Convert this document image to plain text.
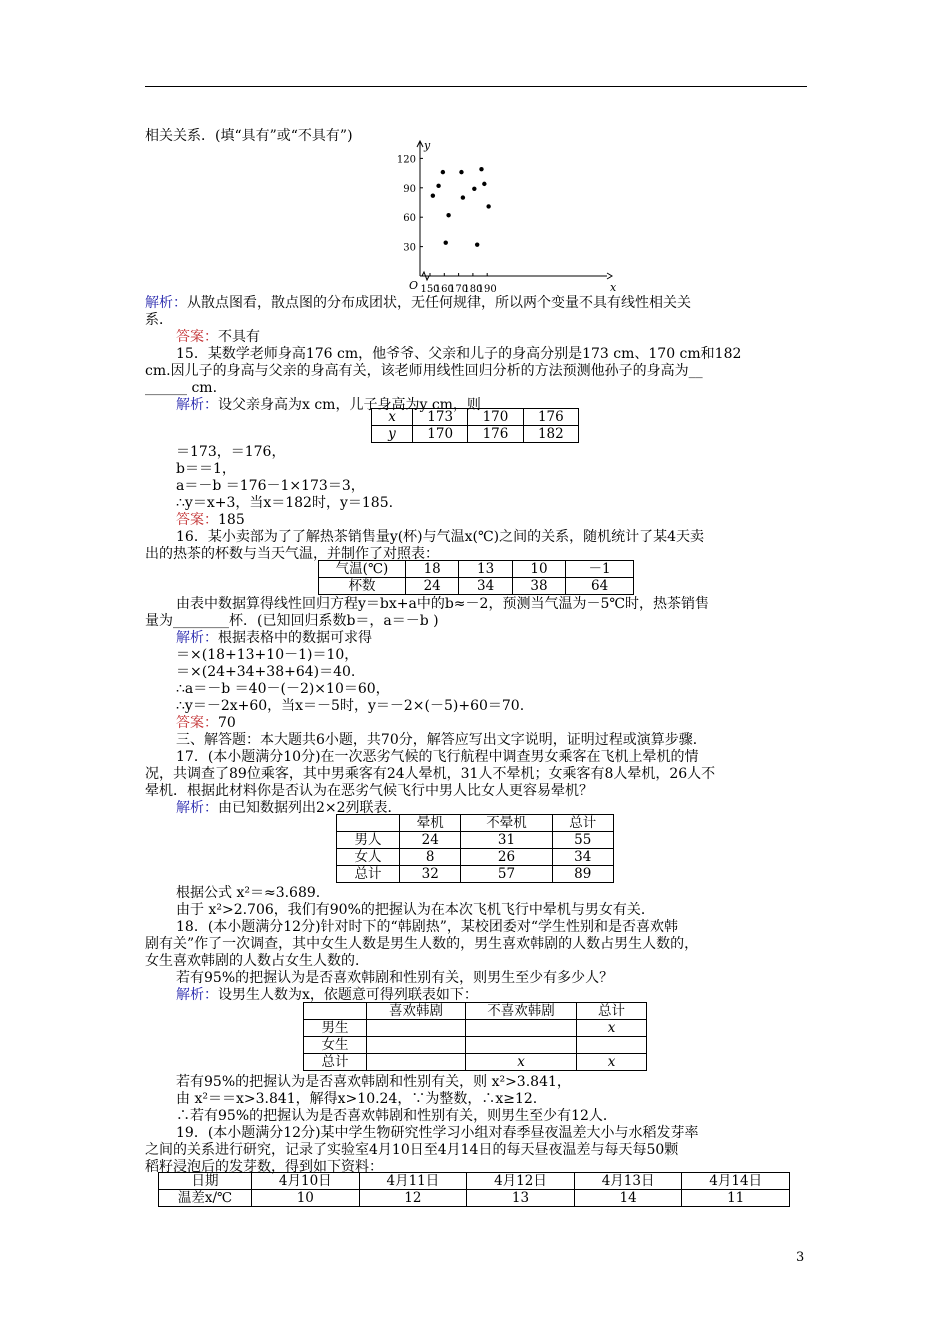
相关关系．(填“具有”或“不具有”)
x
y
O 150
160
170
180
190
30
60
90
120
解析：从散点图看，散点图的分布成团状，无任何规律，所以两个变量不具有线性相关关
系．
答案：不具有
15．某数学老师身高176 cm，他爷爷、父亲和儿子的身高分别是173 cm、170 cm和182
cm.因儿子的身高与父亲的身高有关，该老师用线性回归分析的方法预测他孙子的身高为__
______ cm.
解析：设父亲身高为x cm，儿子身高为y cm，则
x	173	170	176
y	170	176	182
＝173，＝176，
b＝＝1，
a＝－b ＝176－1×173＝3，
∴y＝x+3，当x＝182时，y＝185.
答案：185
16．某小卖部为了了解热茶销售量y(杯)与气温x(℃)之间的关系，随机统计了某4天卖
出的热茶的杯数与当天气温，并制作了对照表：
气温(℃)	18	13	10	－1
杯数	24	34	38	64
由表中数据算得线性回归方程y＝bx+a中的b≈－2，预测当气温为－5℃时，热茶销售
量为________杯．(已知回归系数b＝，a＝－b )
解析：根据表格中的数据可求得
＝×(18+13+10－1)＝10，
＝×(24+34+38+64)＝40.
∴a＝－b ＝40－(－2)×10＝60，
∴y＝－2x+60，当x＝－5时，y＝－2×(－5)+60＝70.
答案：70
三、解答题：本大题共6小题，共70分，解答应写出文字说明，证明过程或演算步骤．
17．(本小题满分10分)在一次恶劣气候的飞行航程中调查男女乘客在飞机上晕机的情
况，共调查了89位乘客，其中男乘客有24人晕机，31人不晕机；女乘客有8人晕机，26人不
晕机．根据此材料你是否认为在恶劣气候飞行中男人比女人更容易晕机？
解析：由已知数据列出2×2列联表．
	晕机	不晕机	总计
男人	24	31	55
女人	8	26	34
总计	32	57	89
根据公式 x²＝≈3.689.
由于 x²>2.706，我们有90%的把握认为在本次飞机飞行中晕机与男女有关．
18．(本小题满分12分)针对时下的“韩剧热”，某校团委对“学生性别和是否喜欢韩
剧有关”作了一次调查，其中女生人数是男生人数的，男生喜欢韩剧的人数占男生人数的，
女生喜欢韩剧的人数占女生人数的．
若有95%的把握认为是否喜欢韩剧和性别有关，则男生至少有多少人？
解析：设男生人数为x，依题意可得列联表如下：
	喜欢韩剧	不喜欢韩剧	总计
男生			x
女生			
总计		x	x
若有95%的把握认为是否喜欢韩剧和性别有关，则 x²>3.841，
由 x²＝＝x>3.841，解得x>10.24，∵为整数，∴x≥12.
∴若有95%的把握认为是否喜欢韩剧和性别有关，则男生至少有12人．
19．(本小题满分12分)某中学生物研究性学习小组对春季昼夜温差大小与水稻发芽率
之间的关系进行研究，记录了实验室4月10日至4月14日的每天昼夜温差与每天每50颗
稻籽浸泡后的发芽数，得到如下资料：
日期	4月10日	4月11日	4月12日	4月13日	4月14日
温差x/℃	10	12	13	14	11
3
